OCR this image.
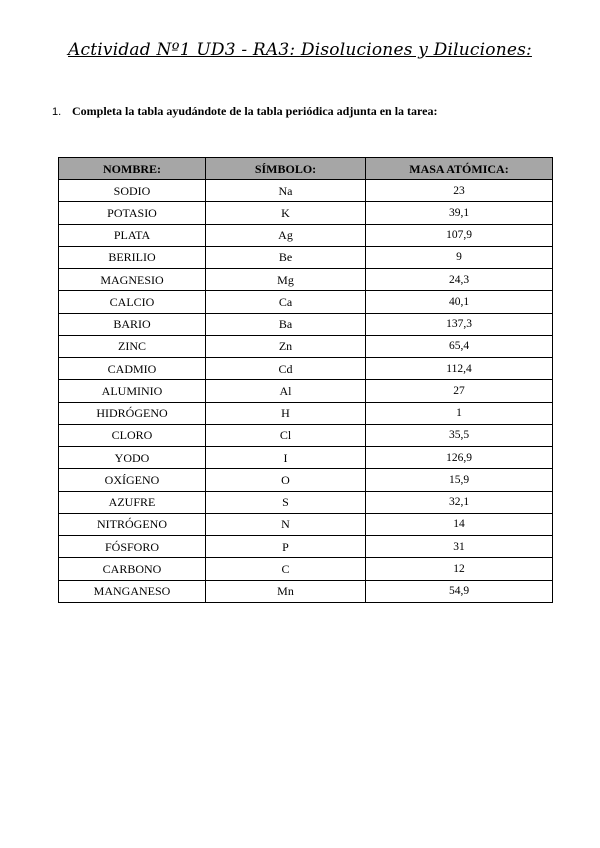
Actividad Nº1 UD3 - RA3: Disoluciones y Diluciones:
1. Completa la tabla ayudándote de la tabla periódica adjunta en la tarea:
NOMBRE:	SÍMBOLO:	MASA ATÓMICA:
SODIO	Na	23
POTASIO	K	39,1
PLATA	Ag	107,9
BERILIO	Be	9
MAGNESIO	Mg	24,3
CALCIO	Ca	40,1
BARIO	Ba	137,3
ZINC	Zn	65,4
CADMIO	Cd	112,4
ALUMINIO	Al	27
HIDRÓGENO	H	1
CLORO	Cl	35,5
YODO	I	126,9
OXÍGENO	O	15,9
AZUFRE	S	32,1
NITRÓGENO	N	14
FÓSFORO	P	31
CARBONO	C	12
MANGANESO	Mn	54,9
